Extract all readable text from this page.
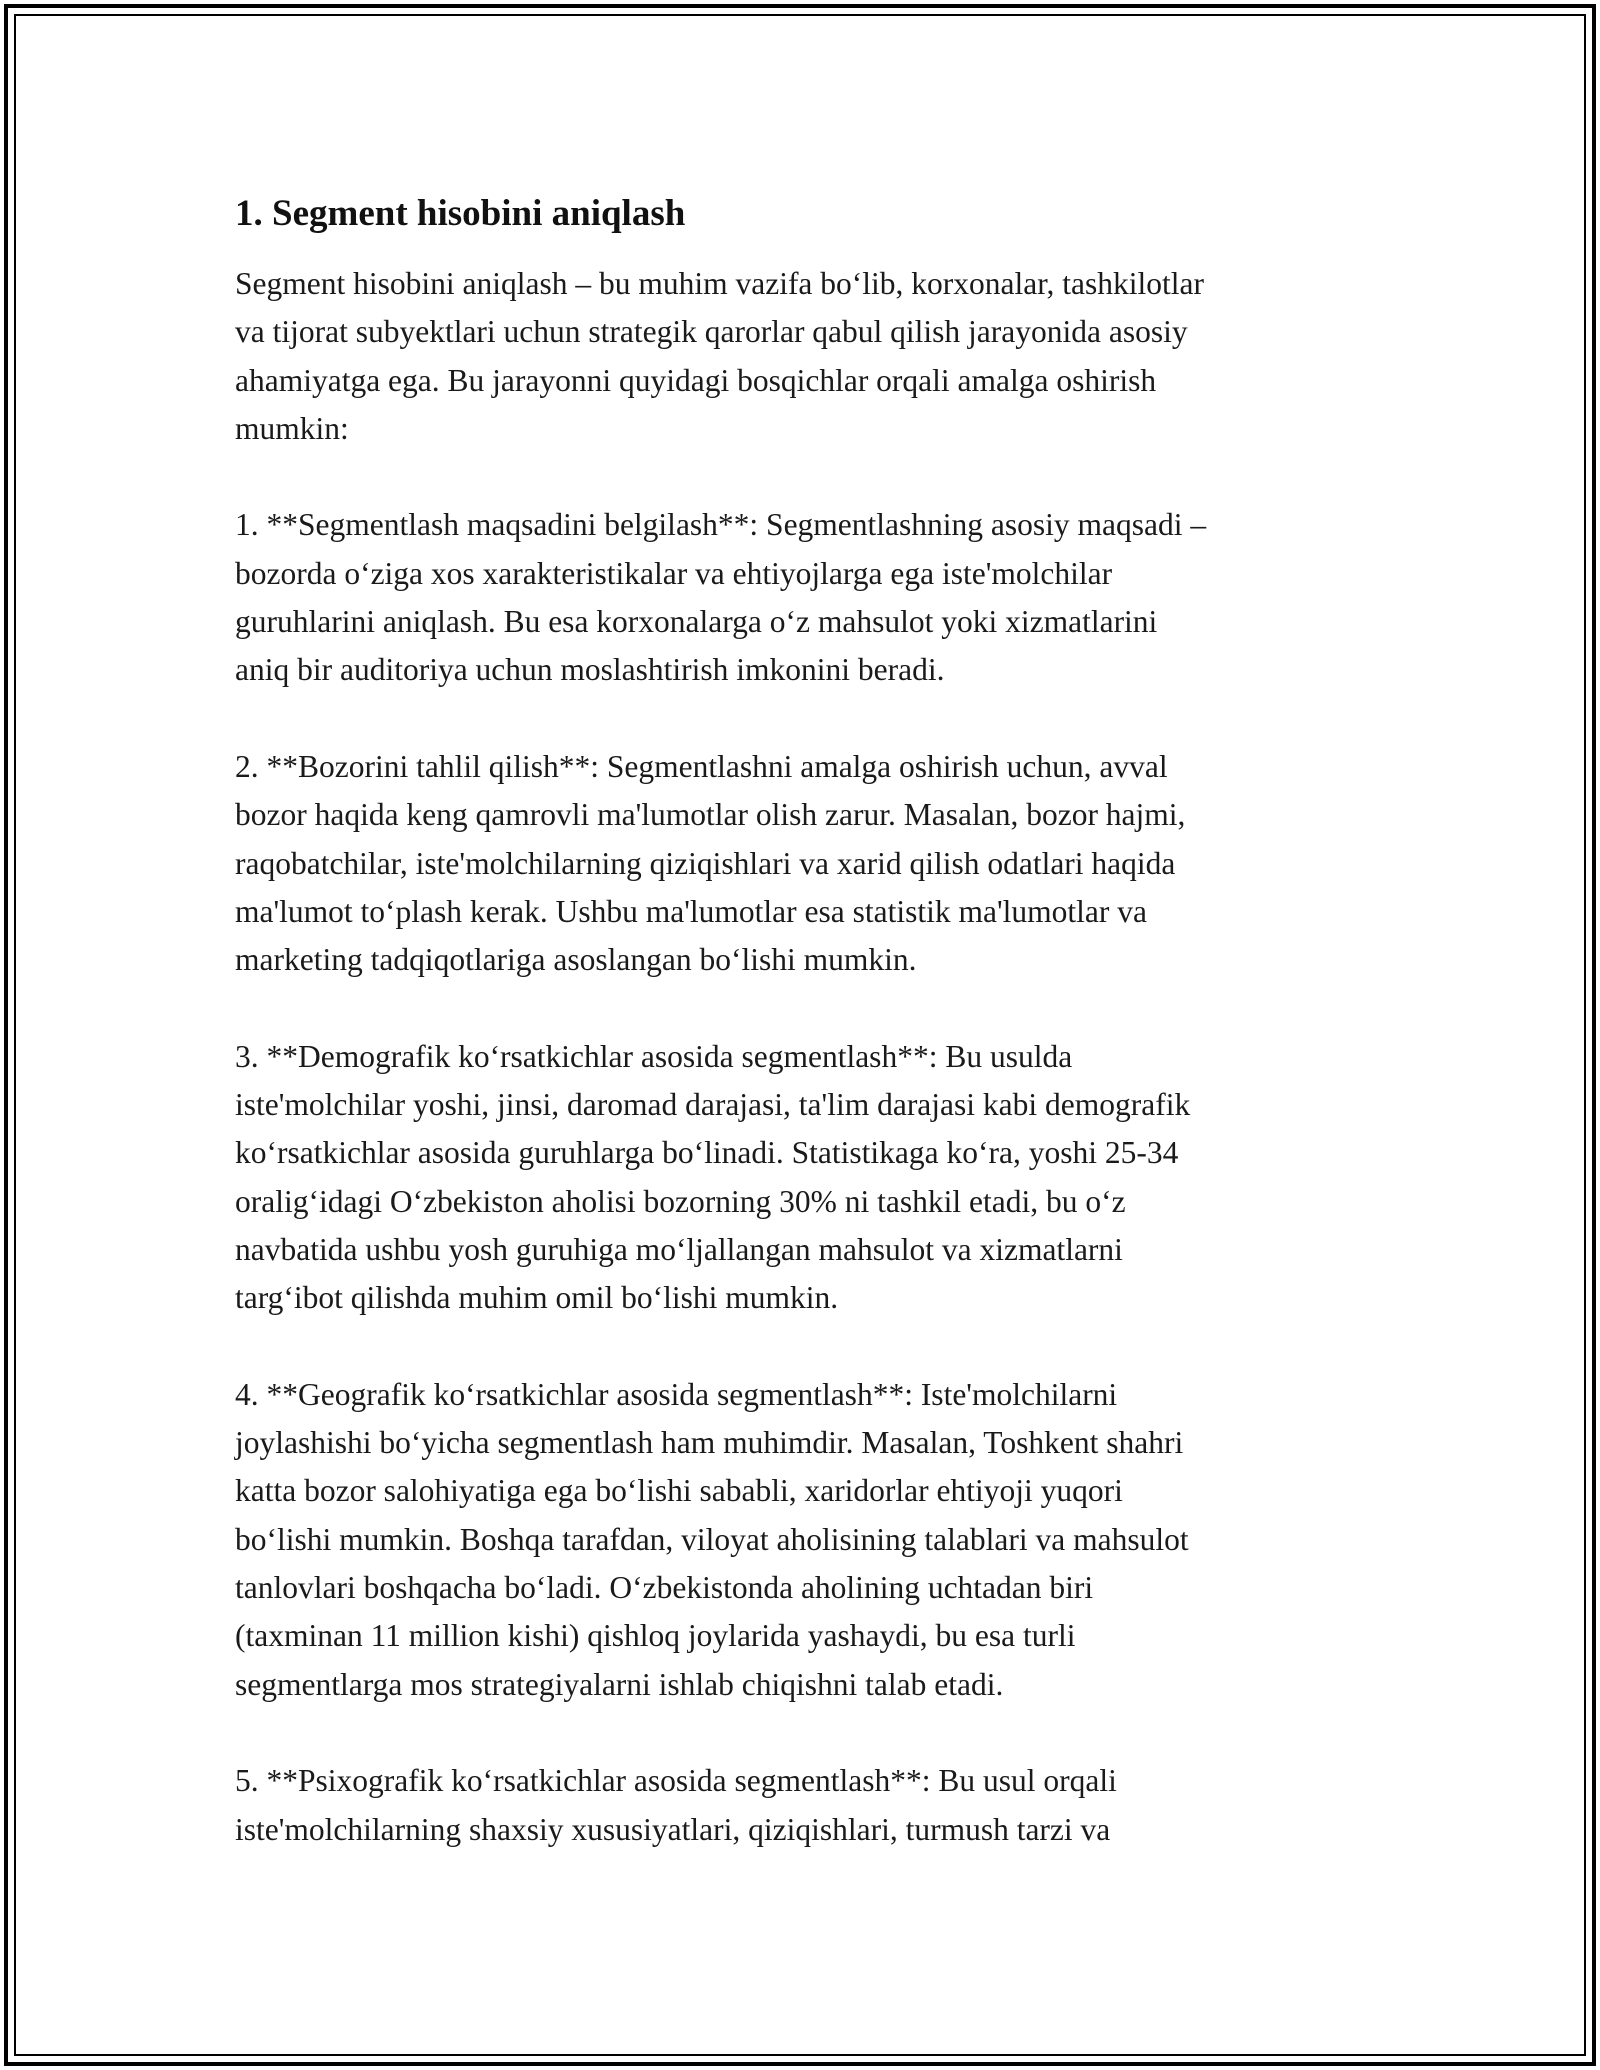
1. Segment hisobini aniqlash

Segment hisobini aniqlash – bu muhim vazifa bo‘lib, korxonalar, tashkilotlar
va tijorat subyektlari uchun strategik qarorlar qabul qilish jarayonida asosiy
ahamiyatga ega. Bu jarayonni quyidagi bosqichlar orqali amalga oshirish
mumkin:

1. **Segmentlash maqsadini belgilash**: Segmentlashning asosiy maqsadi –
bozorda o‘ziga xos xarakteristikalar va ehtiyojlarga ega iste'molchilar
guruhlarini aniqlash. Bu esa korxonalarga o‘z mahsulot yoki xizmatlarini
aniq bir auditoriya uchun moslashtirish imkonini beradi.

2. **Bozorini tahlil qilish**: Segmentlashni amalga oshirish uchun, avval
bozor haqida keng qamrovli ma'lumotlar olish zarur. Masalan, bozor hajmi,
raqobatchilar, iste'molchilarning qiziqishlari va xarid qilish odatlari haqida
ma'lumot to‘plash kerak. Ushbu ma'lumotlar esa statistik ma'lumotlar va
marketing tadqiqotlariga asoslangan bo‘lishi mumkin.

3. **Demografik ko‘rsatkichlar asosida segmentlash**: Bu usulda
iste'molchilar yoshi, jinsi, daromad darajasi, ta'lim darajasi kabi demografik
ko‘rsatkichlar asosida guruhlarga bo‘linadi. Statistikaga ko‘ra, yoshi 25-34
oralig‘idagi O‘zbekiston aholisi bozorning 30% ni tashkil etadi, bu o‘z
navbatida ushbu yosh guruhiga mo‘ljallangan mahsulot va xizmatlarni
targ‘ibot qilishda muhim omil bo‘lishi mumkin.

4. **Geografik ko‘rsatkichlar asosida segmentlash**: Iste'molchilarni
joylashishi bo‘yicha segmentlash ham muhimdir. Masalan, Toshkent shahri
katta bozor salohiyatiga ega bo‘lishi sababli, xaridorlar ehtiyoji yuqori
bo‘lishi mumkin. Boshqa tarafdan, viloyat aholisining talablari va mahsulot
tanlovlari boshqacha bo‘ladi. O‘zbekistonda aholining uchtadan biri
(taxminan 11 million kishi) qishloq joylarida yashaydi, bu esa turli
segmentlarga mos strategiyalarni ishlab chiqishni talab etadi.

5. **Psixografik ko‘rsatkichlar asosida segmentlash**: Bu usul orqali
iste'molchilarning shaxsiy xususiyatlari, qiziqishlari, turmush tarzi va
